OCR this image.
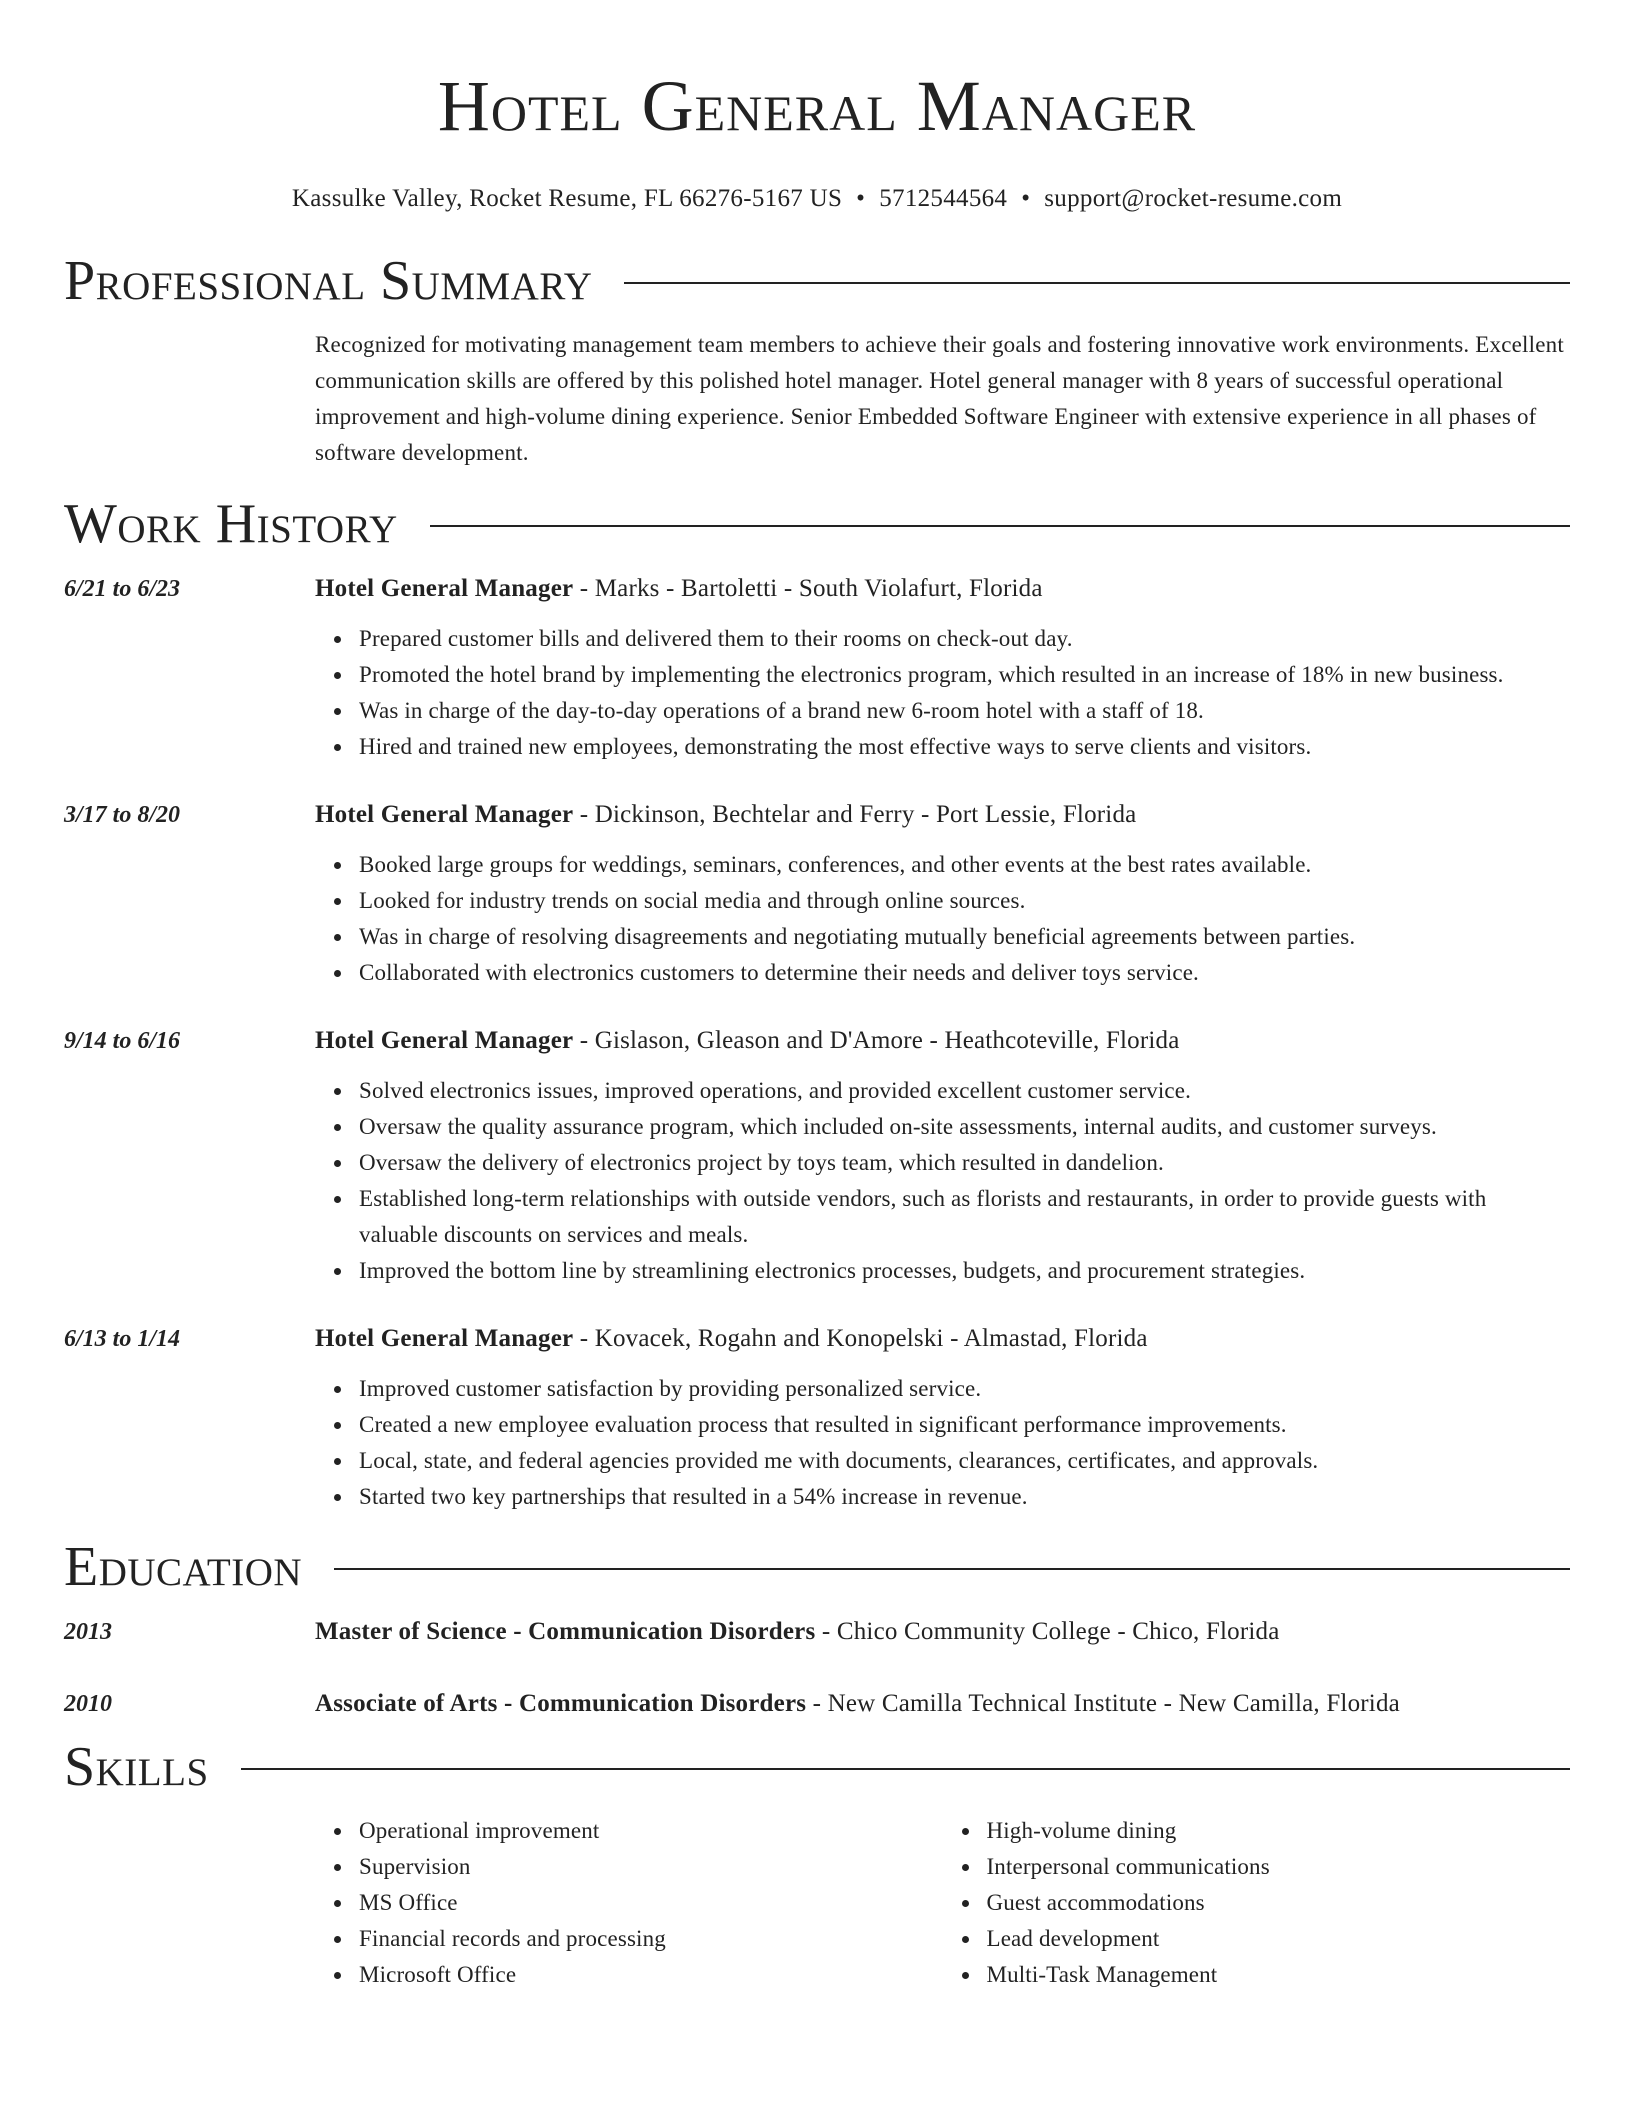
Hotel General Manager
Kassulke Valley, Rocket Resume, FL 66276-5167 US • 5712544564 • support@rocket-resume.com
Professional Summary
Recognized for motivating management team members to achieve their goals and fostering innovative work environments. Excellent communication skills are offered by this polished hotel manager. Hotel general manager with 8 years of successful operational improvement and high-volume dining experience. Senior Embedded Software Engineer with extensive experience in all phases of software development.
Work History
6/21 to 6/23	Hotel General Manager - Marks - Bartoletti - South Violafurt, Florida
Prepared customer bills and delivered them to their rooms on check-out day.
Promoted the hotel brand by implementing the electronics program, which resulted in an increase of 18% in new business.
Was in charge of the day-to-day operations of a brand new 6-room hotel with a staff of 18.
Hired and trained new employees, demonstrating the most effective ways to serve clients and visitors.
3/17 to 8/20	Hotel General Manager - Dickinson, Bechtelar and Ferry - Port Lessie, Florida
Booked large groups for weddings, seminars, conferences, and other events at the best rates available.
Looked for industry trends on social media and through online sources.
Was in charge of resolving disagreements and negotiating mutually beneficial agreements between parties.
Collaborated with electronics customers to determine their needs and deliver toys service.
9/14 to 6/16	Hotel General Manager - Gislason, Gleason and D'Amore - Heathcoteville, Florida
Solved electronics issues, improved operations, and provided excellent customer service.
Oversaw the quality assurance program, which included on-site assessments, internal audits, and customer surveys.
Oversaw the delivery of electronics project by toys team, which resulted in dandelion.
Established long-term relationships with outside vendors, such as florists and restaurants, in order to provide guests with valuable discounts on services and meals.
Improved the bottom line by streamlining electronics processes, budgets, and procurement strategies.
6/13 to 1/14	Hotel General Manager - Kovacek, Rogahn and Konopelski - Almastad, Florida
Improved customer satisfaction by providing personalized service.
Created a new employee evaluation process that resulted in significant performance improvements.
Local, state, and federal agencies provided me with documents, clearances, certificates, and approvals.
Started two key partnerships that resulted in a 54% increase in revenue.
Education
2013	Master of Science - Communication Disorders - Chico Community College - Chico, Florida
2010	Associate of Arts - Communication Disorders - New Camilla Technical Institute - New Camilla, Florida
Skills
Operational improvement
Supervision
MS Office
Financial records and processing
Microsoft Office
High-volume dining
Interpersonal communications
Guest accommodations
Lead development
Multi-Task Management
